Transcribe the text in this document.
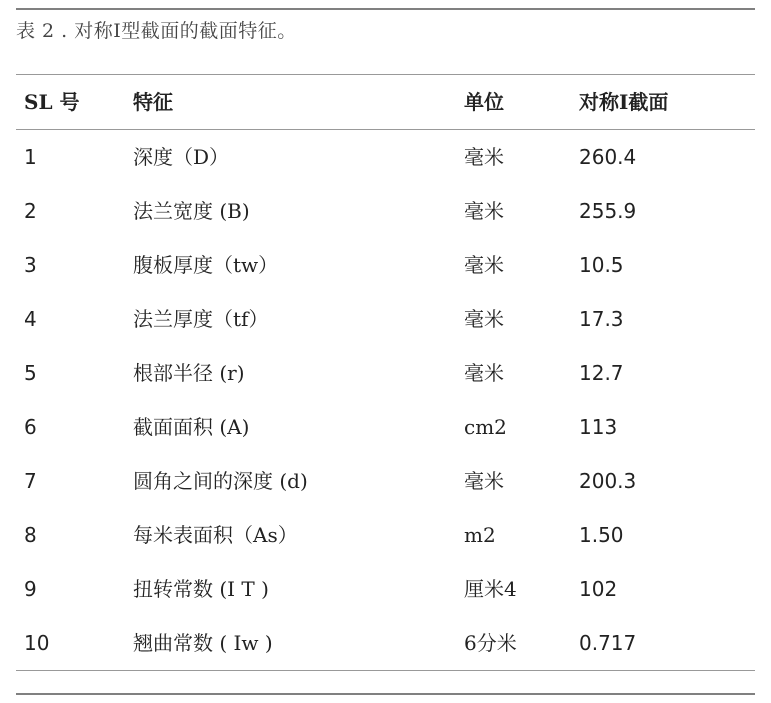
表 2 . 对称I型截面的截面特征。
SL 号	特征	单位	对称I截面
1	深度（D）	毫米	260.4
2	法兰宽度 (B)	毫米	255.9
3	腹板厚度（tw）	毫米	10.5
4	法兰厚度（tf）	毫米	17.3
5	根部半径 (r)	毫米	12.7
6	截面面积 (A)	cm2	113
7	圆角之间的深度 (d)	毫米	200.3
8	每米表面积（As）	m2	1.50
9	扭转常数 (I T )	厘米4	102
10	翘曲常数 ( Iw )	6分米	0.717
